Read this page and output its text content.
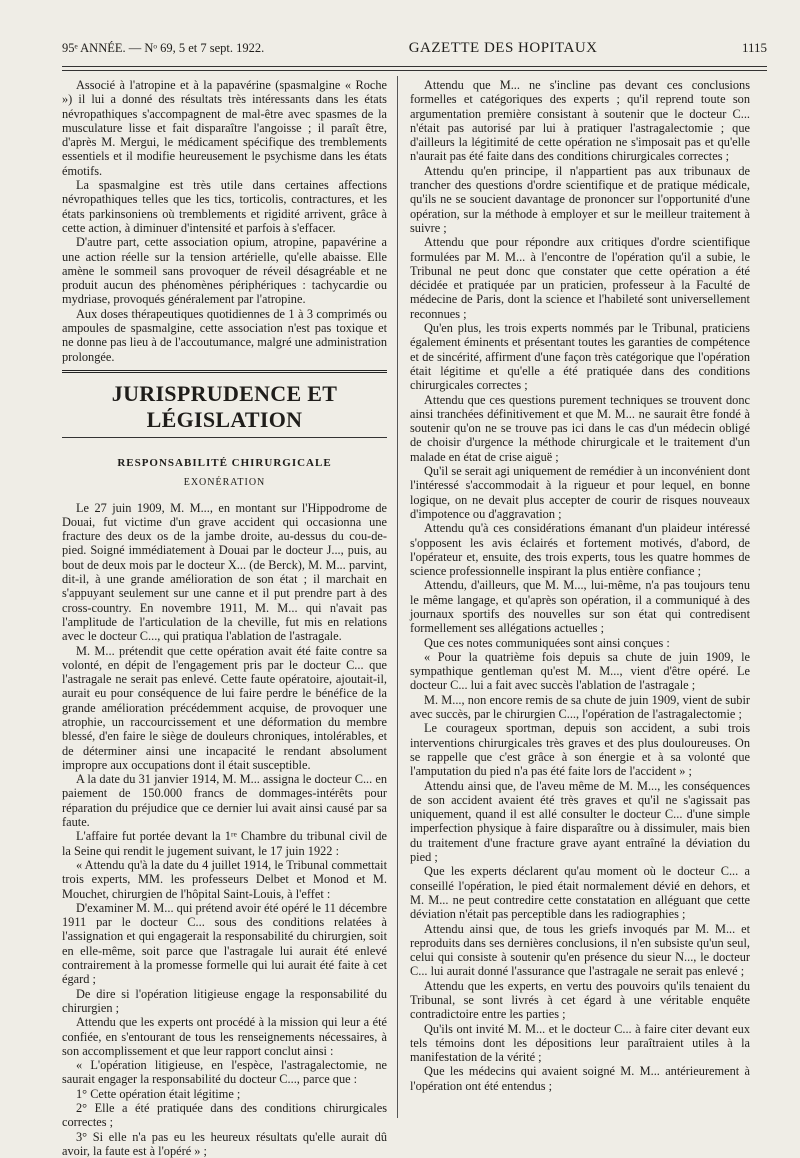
95ᵉ ANNÉE. — Nᵒ 69, 5 et 7 sept. 1922.	GAZETTE DES HOPITAUX	1115

Associé à l'atropine et à la papavérine (spasmalgine « Roche ») il lui a donné des résultats très intéressants dans les états névropathiques s'accompagnent de mal-être avec spasmes de la musculature lisse et fait disparaître l'angoisse ; il paraît être, d'après M. Mergui, le médicament spécifique des tremblements essentiels et il modifie heureusement le psychisme dans les états émotifs.

La spasmalgine est très utile dans certaines affections névropathiques telles que les tics, torticolis, contractures, et les états parkinsoniens où tremblements et rigidité arrivent, grâce à cette action, à diminuer d'intensité et parfois à s'effacer.

D'autre part, cette association opium, atropine, papavérine a une action réelle sur la tension artérielle, qu'elle abaisse. Elle amène le sommeil sans provoquer de réveil désagréable et ne produit aucun des phénomènes périphériques : tachycardie ou mydriase, provoqués généralement par l'atropine.

Aux doses thérapeutiques quotidiennes de 1 à 3 comprimés ou ampoules de spasmalgine, cette association n'est pas toxique et ne donne pas lieu à de l'accoutumance, malgré une administration prolongée.

JURISPRUDENCE ET LÉGISLATION
RESPONSABILITÉ CHIRURGICALE
EXONÉRATION

Le 27 juin 1909, M. M..., en montant sur l'Hippodrome de Douai, fut victime d'un grave accident qui occasionna une fracture des deux os de la jambe droite, au-dessus du cou-de-pied. Soigné immédiatement à Douai par le docteur J..., puis, au bout de deux mois par le docteur X... (de Berck), M. M... parvint, dit-il, à une grande amélioration de son état ; il marchait en s'appuyant seulement sur une canne et il put prendre part à des cross-country. En novembre 1911, M. M... qui n'avait pas l'amplitude de l'articulation de la cheville, fut mis en relations avec le docteur C..., qui pratiqua l'ablation de l'astragale.

M. M... prétendit que cette opération avait été faite contre sa volonté, en dépit de l'engagement pris par le docteur C... que l'astragale ne serait pas enlevé. Cette faute opératoire, ajoutait-il, aurait eu pour conséquence de lui faire perdre le bénéfice de la grande amélioration précédemment acquise, de provoquer une atrophie, un raccourcissement et une déformation du membre blessé, d'en faire le siège de douleurs chroniques, intolérables, et de déterminer ainsi une incapacité le rendant absolument impropre aux occupations dont il était susceptible.

A la date du 31 janvier 1914, M. M... assigna le docteur C... en paiement de 150.000 francs de dommages-intérêts pour réparation du préjudice que ce dernier lui avait ainsi causé par sa faute.

L'affaire fut portée devant la 1ʳᵉ Chambre du tribunal civil de la Seine qui rendit le jugement suivant, le 17 juin 1922 :

« Attendu qu'à la date du 4 juillet 1914, le Tribunal commettait trois experts, MM. les professeurs Delbet et Monod et M. Mouchet, chirurgien de l'hôpital Saint-Louis, à l'effet :

D'examiner M. M... qui prétend avoir été opéré le 11 décembre 1911 par le docteur C... sous des conditions relatées à l'assignation et qui engagerait la responsabilité du chirurgien, soit en elle-même, soit parce que l'astragale lui aurait été enlevé contrairement à la promesse formelle qui lui aurait été faite à cet égard ;

De dire si l'opération litigieuse engage la responsabilité du chirurgien ;

Attendu que les experts ont procédé à la mission qui leur a été confiée, en s'entourant de tous les renseignements nécessaires, à son accomplissement et que leur rapport conclut ainsi :

« L'opération litigieuse, en l'espèce, l'astragalectomie, ne saurait engager la responsabilité du docteur C..., parce que :

1° Cette opération était légitime ;

2° Elle a été pratiquée dans des conditions chirurgicales correctes ;

3° Si elle n'a pas eu les heureux résultats qu'elle aurait dû avoir, la faute est à l'opéré » ;

Attendu que M... ne s'incline pas devant ces conclusions formelles et catégoriques des experts ; qu'il reprend toute son argumentation première consistant à soutenir que le docteur C... n'était pas autorisé par lui à pratiquer l'astragalectomie ; que d'ailleurs la légitimité de cette opération ne s'imposait pas et qu'elle n'aurait pas été faite dans des conditions chirurgicales correctes ;

Attendu qu'en principe, il n'appartient pas aux tribunaux de trancher des questions d'ordre scientifique et de pratique médicale, qu'ils ne se soucient davantage de prononcer sur l'opportunité d'une opération, sur la méthode à employer et sur le meilleur traitement à suivre ;

Attendu que pour répondre aux critiques d'ordre scientifique formulées par M. M... à l'encontre de l'opération qu'il a subie, le Tribunal ne peut donc que constater que cette opération a été décidée et pratiquée par un praticien, professeur à la Faculté de médecine de Paris, dont la science et l'habileté sont universellement reconnues ;

Qu'en plus, les trois experts nommés par le Tribunal, praticiens également éminents et présentant toutes les garanties de compétence et de sincérité, affirment d'une façon très catégorique que l'opération était légitime et qu'elle a été pratiquée dans des conditions chirurgicales correctes ;

Attendu que ces questions purement techniques se trouvent donc ainsi tranchées définitivement et que M. M... ne saurait être fondé à soutenir qu'on ne se trouve pas ici dans le cas d'un médecin obligé de choisir d'urgence la méthode chirurgicale et le traitement d'un malade en état de crise aiguë ;

Qu'il se serait agi uniquement de remédier à un inconvénient dont l'intéressé s'accommodait à la rigueur et pour lequel, en bonne logique, on ne devait plus accepter de courir de risques nouveaux d'impotence ou d'aggravation ;

Attendu qu'à ces considérations émanant d'un plaideur intéressé s'opposent les avis éclairés et fortement motivés, d'abord, de l'opérateur et, ensuite, des trois experts, tous les quatre hommes de science professionnelle inspirant la plus entière confiance ;

Attendu, d'ailleurs, que M. M..., lui-même, n'a pas toujours tenu le même langage, et qu'après son opération, il a communiqué à des journaux sportifs des nouvelles sur son état qui contredisent formellement ses allégations actuelles ;

Que ces notes communiquées sont ainsi conçues :

« Pour la quatrième fois depuis sa chute de juin 1909, le sympathique gentleman qu'est M. M..., vient d'être opéré. Le docteur C... lui a fait avec succès l'ablation de l'astragale ;

M. M..., non encore remis de sa chute de juin 1909, vient de subir avec succès, par le chirurgien C..., l'opération de l'astragalectomie ;

Le courageux sportman, depuis son accident, a subi trois interventions chirurgicales très graves et des plus douloureuses. On se rappelle que c'est grâce à son énergie et à sa volonté que l'amputation du pied n'a pas été faite lors de l'accident » ;

Attendu ainsi que, de l'aveu même de M. M..., les conséquences de son accident avaient été très graves et qu'il ne s'agissait pas uniquement, quand il est allé consulter le docteur C... d'une simple imperfection physique à faire disparaître ou à dissimuler, mais bien du traitement d'une fracture grave ayant entraîné la déviation du pied ;

Que les experts déclarent qu'au moment où le docteur C... a conseillé l'opération, le pied était normalement dévié en dehors, et M. M... ne peut contredire cette constatation en alléguant que cette déviation n'était pas perceptible dans les radiographies ;

Attendu ainsi que, de tous les griefs invoqués par M. M... et reproduits dans ses dernières conclusions, il n'en subsiste qu'un seul, celui qui consiste à soutenir qu'en présence du sieur N..., le docteur C... lui aurait donné l'assurance que l'astragale ne serait pas enlevé ;

Attendu que les experts, en vertu des pouvoirs qu'ils tenaient du Tribunal, se sont livrés à cet égard à une véritable enquête contradictoire entre les parties ;

Qu'ils ont invité M. M... et le docteur C... à faire citer devant eux tels témoins dont les dépositions leur paraîtraient utiles à la manifestation de la vérité ;

Que les médecins qui avaient soigné M. M... antérieurement à l'opération ont été entendus ;
